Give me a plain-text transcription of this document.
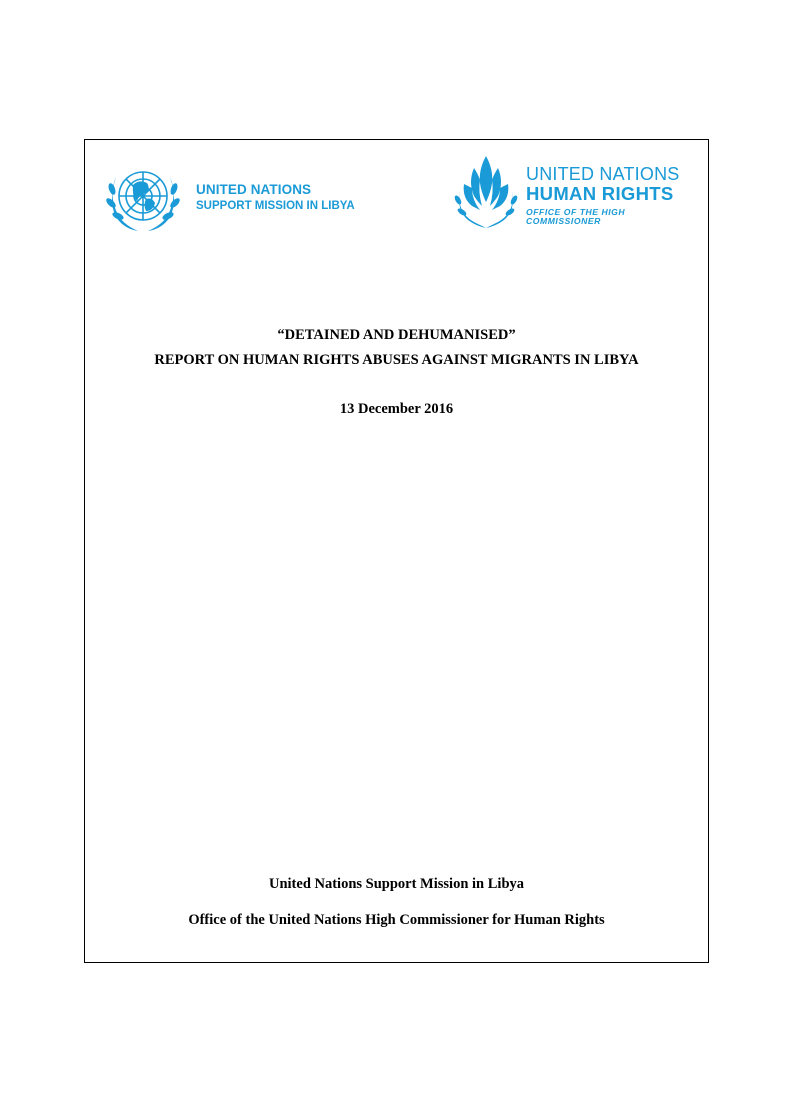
UNITED NATIONS
SUPPORT MISSION IN LIBYA
UNITED NATIONS
HUMAN RIGHTS
OFFICE OF THE HIGH COMMISSIONER
“DETAINED AND DEHUMANISED”
REPORT ON HUMAN RIGHTS ABUSES AGAINST MIGRANTS IN LIBYA
13 December 2016
United Nations Support Mission in Libya
Office of the United Nations High Commissioner for Human Rights
